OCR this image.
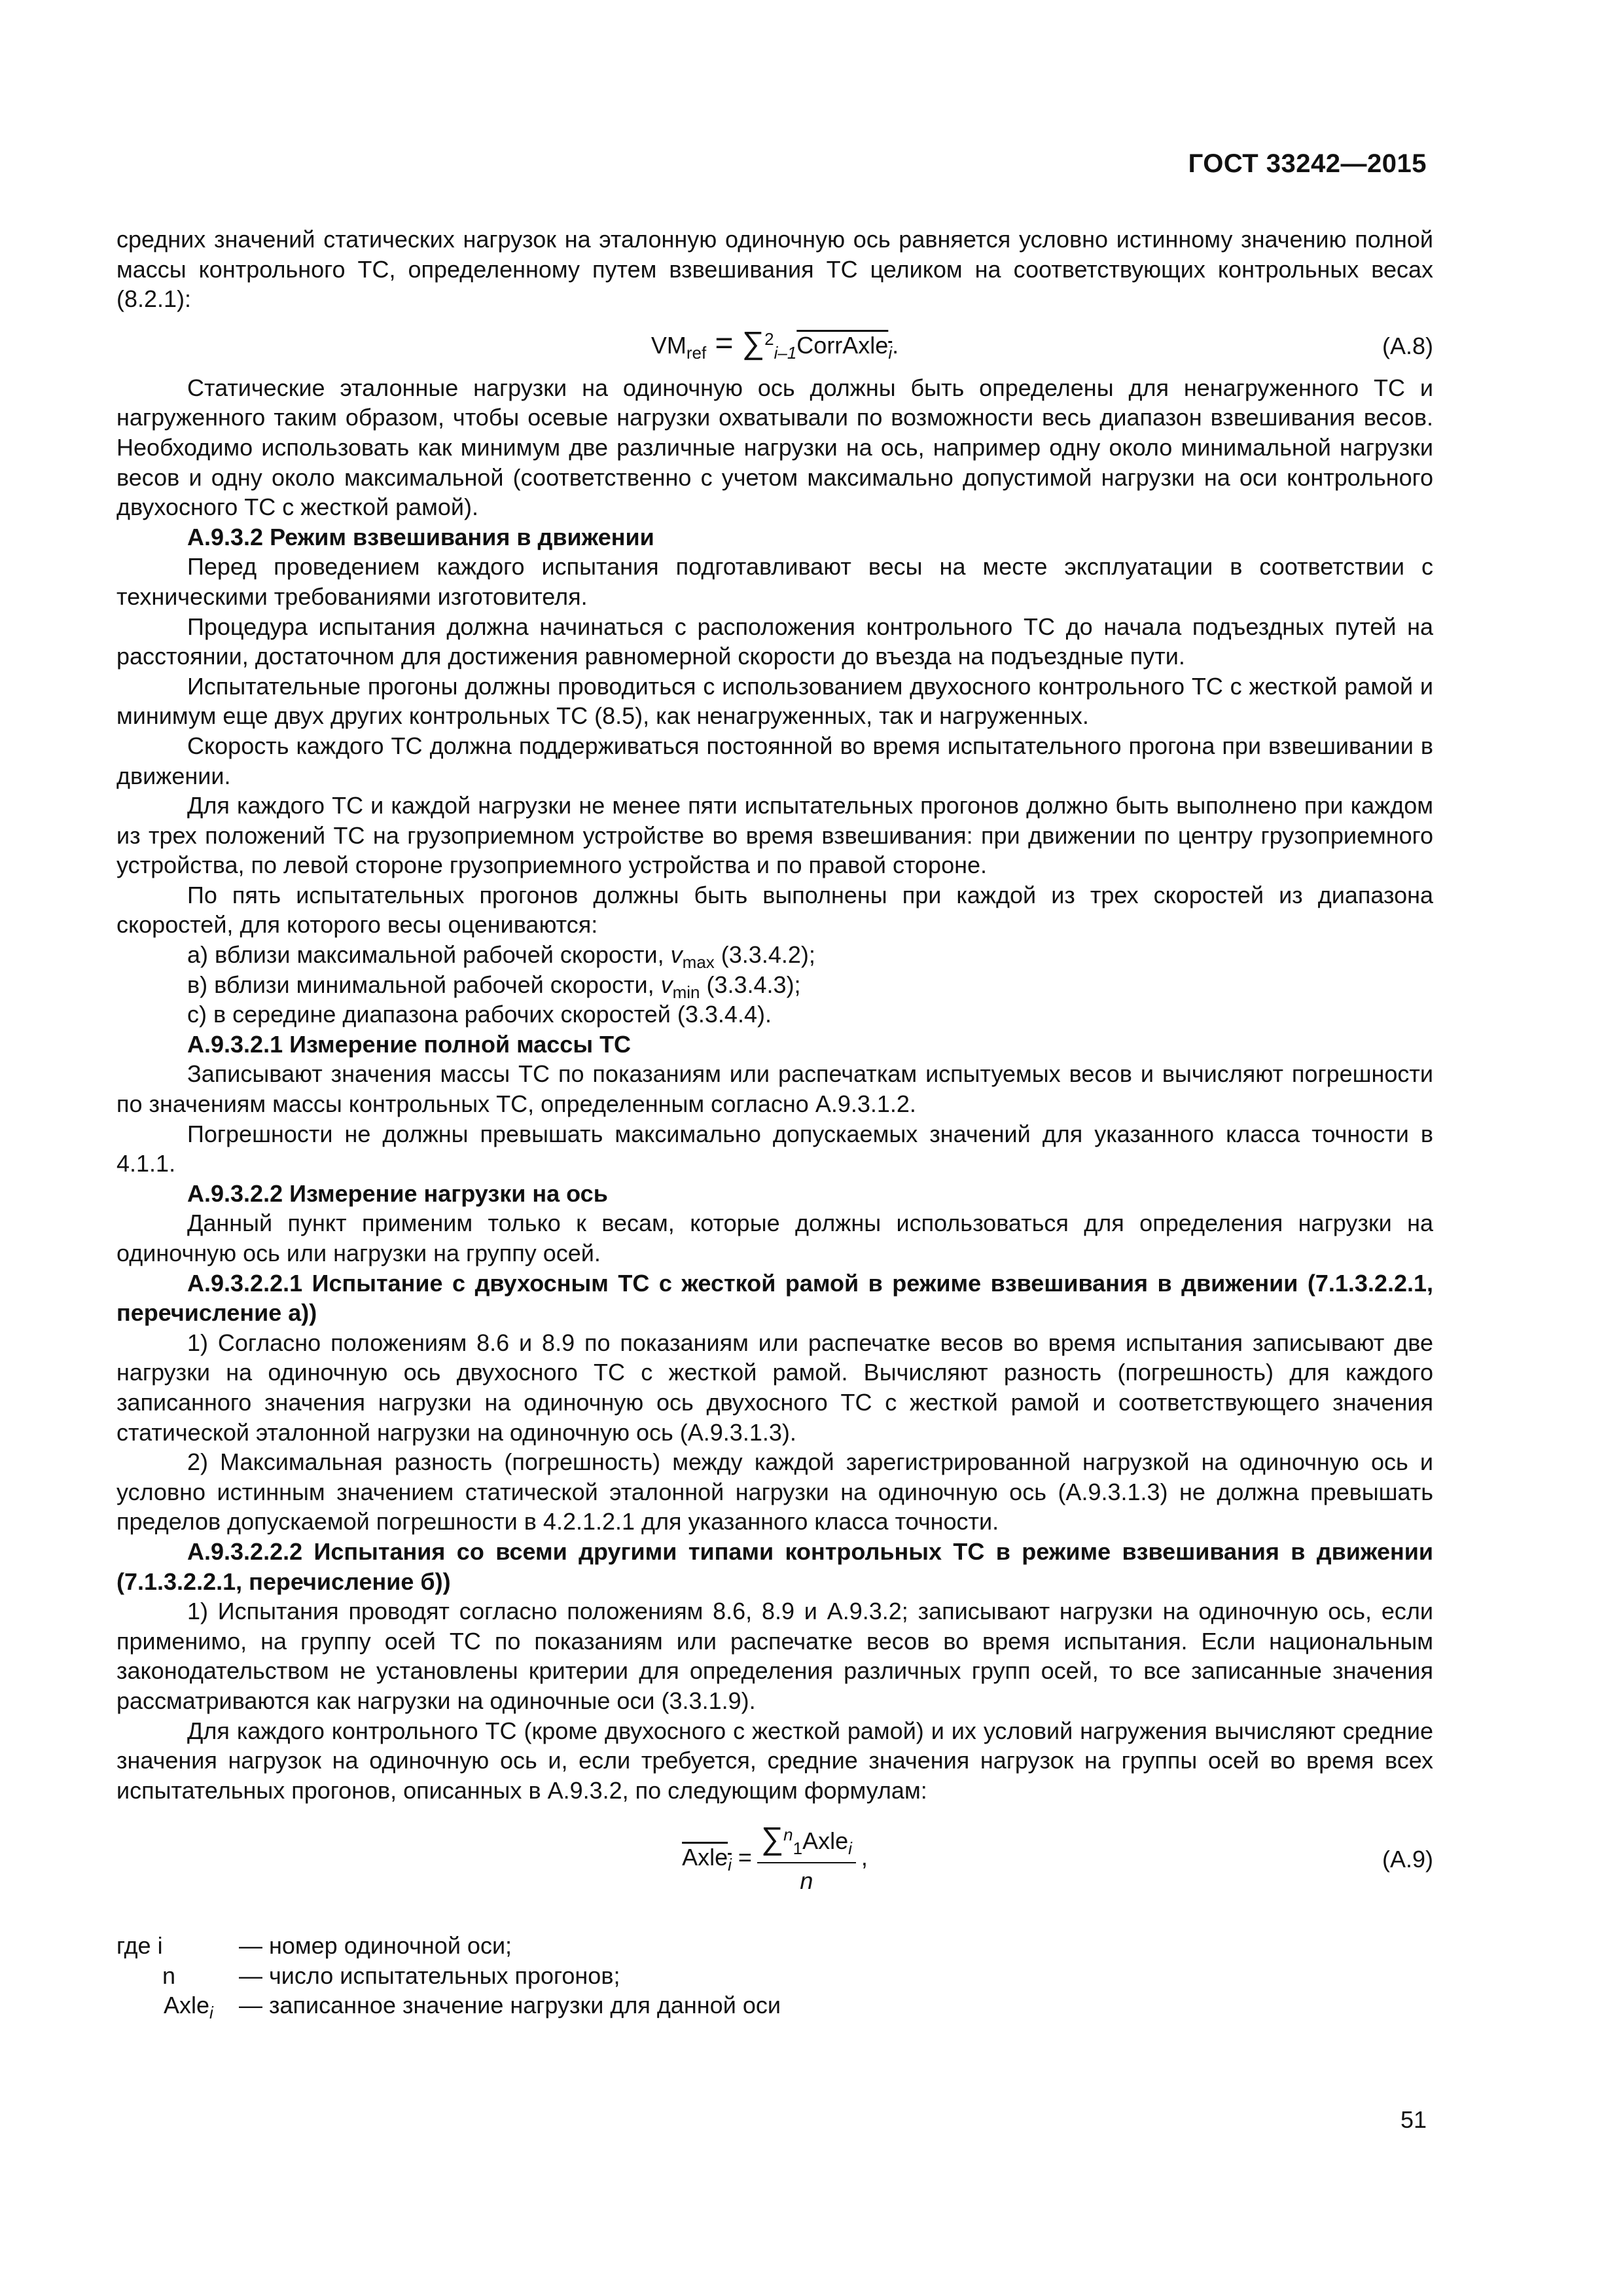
ГОСТ 33242—2015

средних значений статических нагрузок на эталонную одиночную ось равняется условно истинному значению полной массы контрольного ТС, определенному путем взвешивания ТС целиком на соответствующих контрольных весах (8.2.1):

$VM_{ref}$ = ∑$^2_{i-1}$CorrAxle$_i$.	(А.8)

Статические эталонные нагрузки на одиночную ось должны быть определены для ненагруженного ТС и нагруженного таким образом, чтобы осевые нагрузки охватывали по возможности весь диапазон взвешивания весов. Необходимо использовать как минимум две различные нагрузки на ось, например одну около минимальной нагрузки весов и одну около максимальной (соответственно с учетом максимально допустимой нагрузки на оси контрольного двухосного ТС с жесткой рамой).

А.9.3.2 Режим взвешивания в движении

Перед проведением каждого испытания подготавливают весы на месте эксплуатации в соответствии с техническими требованиями изготовителя.

Процедура испытания должна начинаться с расположения контрольного ТС до начала подъездных путей на расстоянии, достаточном для достижения равномерной скорости до въезда на подъездные пути.

Испытательные прогоны должны проводиться с использованием двухосного контрольного ТС с жесткой рамой и минимум еще двух других контрольных ТС (8.5), как ненагруженных, так и нагруженных.

Скорость каждого ТС должна поддерживаться постоянной во время испытательного прогона при взвешивании в движении.

Для каждого ТС и каждой нагрузки не менее пяти испытательных прогонов должно быть выполнено при каждом из трех положений ТС на грузоприемном устройстве во время взвешивания: при движении по центру грузоприемного устройства, по левой стороне грузоприемного устройства и по правой стороне.

По пять испытательных прогонов должны быть выполнены при каждой из трех скоростей из диапазона скоростей, для которого весы оцениваются:

а) вблизи максимальной рабочей скорости, $v_{max}$ (3.3.4.2);

в) вблизи минимальной рабочей скорости, $v_{min}$ (3.3.4.3);

с) в середине диапазона рабочих скоростей (3.3.4.4).

А.9.3.2.1 Измерение полной массы ТС

Записывают значения массы ТС по показаниям или распечаткам испытуемых весов и вычисляют погрешности по значениям массы контрольных ТС, определенным согласно А.9.3.1.2.

Погрешности не должны превышать максимально допускаемых значений для указанного класса точности в 4.1.1.

А.9.3.2.2 Измерение нагрузки на ось

Данный пункт применим только к весам, которые должны использоваться для определения нагрузки на одиночную ось или нагрузки на группу осей.

А.9.3.2.2.1 Испытание с двухосным ТС с жесткой рамой в режиме взвешивания в движении (7.1.3.2.2.1, перечисление а))

1) Согласно положениям 8.6 и 8.9 по показаниям или распечатке весов во время испытания записывают две нагрузки на одиночную ось двухосного ТС с жесткой рамой. Вычисляют разность (погрешность) для каждого записанного значения нагрузки на одиночную ось двухосного ТС с жесткой рамой и соответствующего значения статической эталонной нагрузки на одиночную ось (А.9.3.1.3).

2) Максимальная разность (погрешность) между каждой зарегистрированной нагрузкой на одиночную ось и условно истинным значением статической эталонной нагрузки на одиночную ось (А.9.3.1.3) не должна превышать пределов допускаемой погрешности в 4.2.1.2.1 для указанного класса точности.

А.9.3.2.2.2 Испытания со всеми другими типами контрольных ТС в режиме взвешивания в движении (7.1.3.2.2.1, перечисление б))

1) Испытания проводят согласно положениям 8.6, 8.9 и А.9.3.2; записывают нагрузки на одиночную ось, если применимо, на группу осей ТС по показаниям или распечатке весов во время испытания. Если национальным законодательством не установлены критерии для определения различных групп осей, то все записанные значения рассматриваются как нагрузки на одиночные оси (3.3.1.9).

Для каждого контрольного ТС (кроме двухосного с жесткой рамой) и их условий нагружения вычисляют средние значения нагрузок на одиночную ось и, если требуется, средние значения нагрузок на группы осей во время всех испытательных прогонов, описанных в А.9.3.2, по следующим формулам:

Axle$_i$ = $\frac{\sum^n_1Axle_i}{n}$ ,	(А.9)
где i	— номер одиночной оси;
n	— число испытательных прогонов;
Axle$_i$	— записанное значение нагрузки для данной оси
51
